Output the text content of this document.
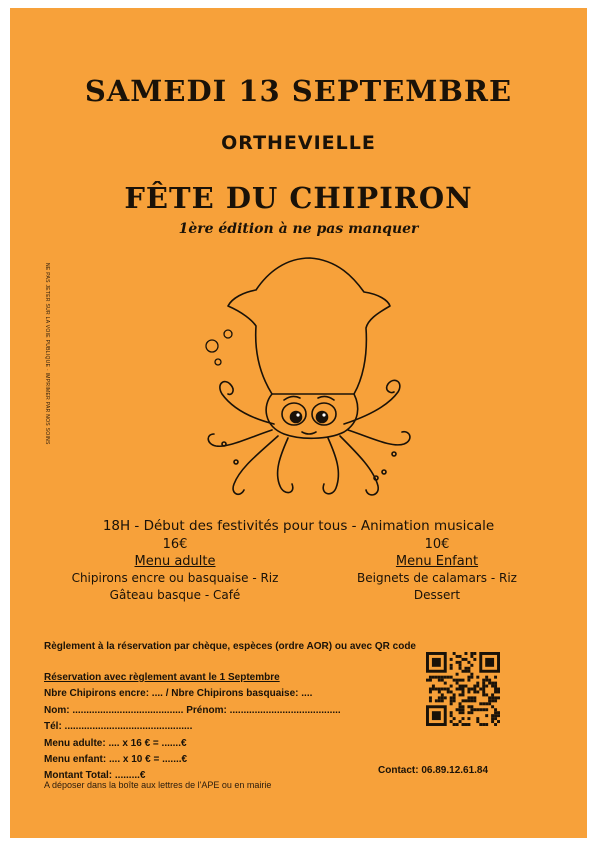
SAMEDI 13 SEPTEMBRE
ORTHEVIELLE
FÊTE DU CHIPIRON
1ère édition à ne pas manquer
NE PAS JETER SUR LA VOIE PUBLIQUE · IMPRIMER PAR NOS SOINS
18H - Début des festivités pour tous - Animation musicale
16€
Menu adulte
Chipirons encre ou basquaise - Riz
Gâteau basque - Café
10€
Menu Enfant
Beignets de calamars - Riz
Dessert
Règlement à la réservation par chèque, espèces (ordre AOR) ou avec QR code
Réservation avec règlement avant le 1 Septembre
Nbre Chipirons encre: .... / Nbre Chipirons basquaise: ....
Nom: ........................................ Prénom: ........................................
Tél: ..............................................
Menu adulte: .... x 16 € = .......€
Menu enfant: .... x 10 € = .......€
Montant Total: .........€
A déposer dans la boîte aux lettres de l'APE ou en mairie
Contact: 06.89.12.61.84
